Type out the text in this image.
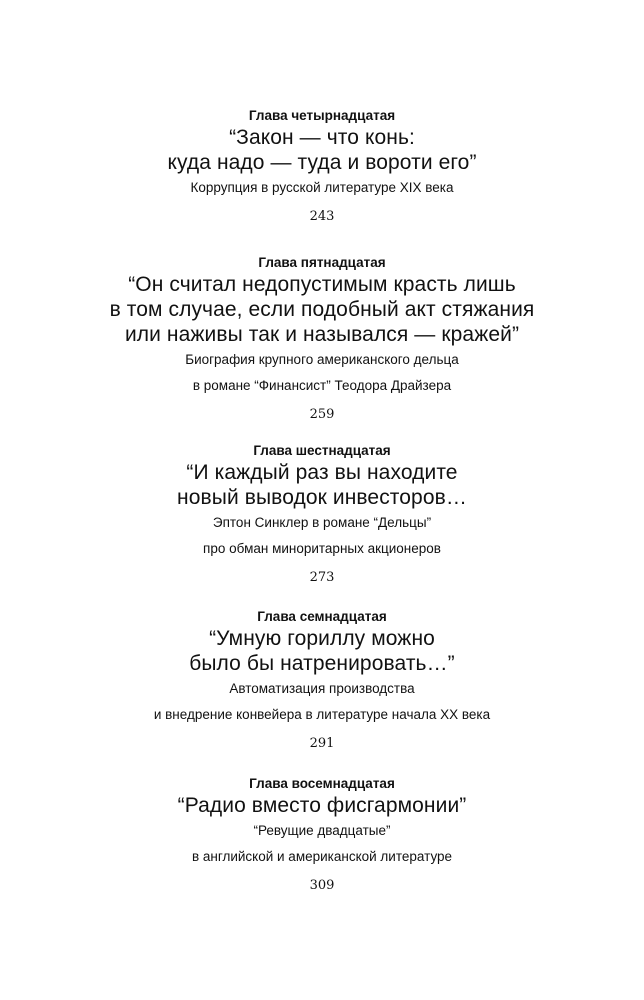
Глава четырнадцатая
“Закон — что конь:
куда надо — туда и вороти его”
Коррупция в русской литературе XIX века
243
Глава пятнадцатая
“Он считал недопустимым красть лишь
в том случае, если подобный акт стяжания
или наживы так и назывался — кражей”
Биография крупного американского дельца
в романе “Финансист” Теодора Драйзера
259
Глава шестнадцатая
“И каждый раз вы находите
новый выводок инвесторов…
Эптон Синклер в романе “Дельцы”
про обман миноритарных акционеров
273
Глава семнадцатая
“Умную гориллу можно
было бы натренировать…”
Автоматизация производства
и внедрение конвейера в литературе начала XX века
291
Глава восемнадцатая
“Радио вместо фисгармонии”
“Ревущие двадцатые”
в английской и американской литературе
309
